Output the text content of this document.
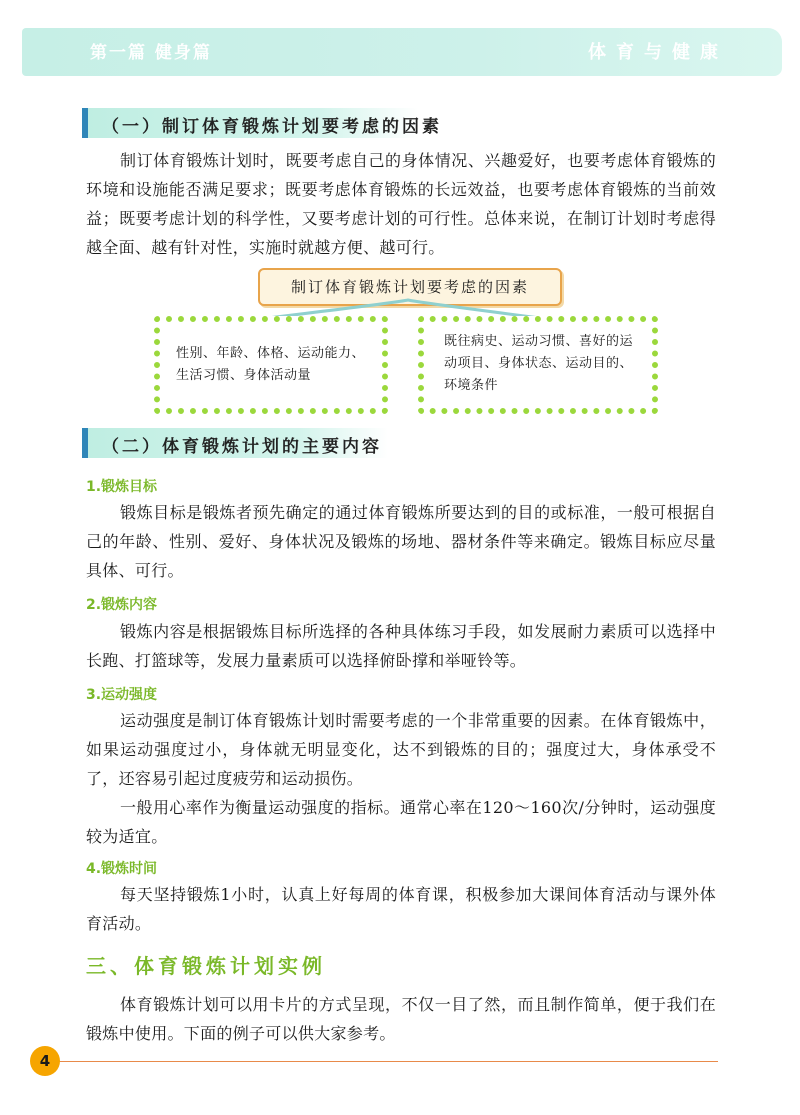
第一篇 健身篇	体育与健康
（一）制订体育锻炼计划要考虑的因素

制订体育锻炼计划时，既要考虑自己的身体情况、兴趣爱好，也要考虑体育锻炼的环境和设施能否满足要求；既要考虑体育锻炼的长远效益，也要考虑体育锻炼的当前效益；既要考虑计划的科学性，又要考虑计划的可行性。总体来说，在制订计划时考虑得越全面、越有针对性，实施时就越方便、越可行。

制订体育锻炼计划要考虑的因素
性别、年龄、体格、运动能力、生活习惯、身体活动量
既往病史、运动习惯、喜好的运动项目、身体状态、运动目的、环境条件
（二）体育锻炼计划的主要内容
1.锻炼目标

锻炼目标是锻炼者预先确定的通过体育锻炼所要达到的目的或标准，一般可根据自己的年龄、性别、爱好、身体状况及锻炼的场地、器材条件等来确定。锻炼目标应尽量具体、可行。

2.锻炼内容

锻炼内容是根据锻炼目标所选择的各种具体练习手段，如发展耐力素质可以选择中长跑、打篮球等，发展力量素质可以选择俯卧撑和举哑铃等。

3.运动强度

运动强度是制订体育锻炼计划时需要考虑的一个非常重要的因素。在体育锻炼中，如果运动强度过小，身体就无明显变化，达不到锻炼的目的；强度过大，身体承受不了，还容易引起过度疲劳和运动损伤。

一般用心率作为衡量运动强度的指标。通常心率在120～160次/分钟时，运动强度较为适宜。

4.锻炼时间

每天坚持锻炼1小时，认真上好每周的体育课，积极参加大课间体育活动与课外体育活动。

三、体育锻炼计划实例

体育锻炼计划可以用卡片的方式呈现，不仅一目了然，而且制作简单，便于我们在锻炼中使用。下面的例子可以供大家参考。

4
